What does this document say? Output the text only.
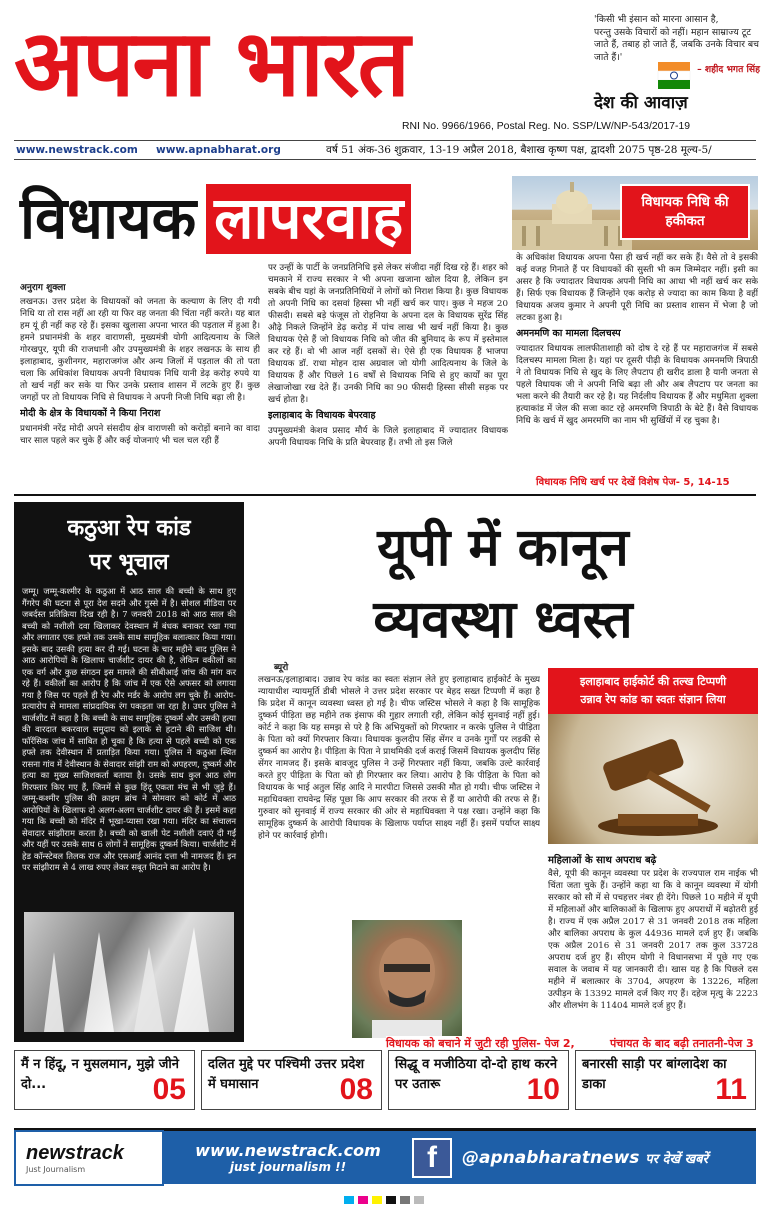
अपना भारत	'किसी भी इंसान को मारना आसान है,
परन्तु उसके विचारों को नहीं। महान साम्राज्य टूट जाते हैं, तबाह हो जाते हैं, जबकि उनके विचार बच जाते हैं।'
– शहीद भगत सिंह
देश की आवाज़
RNI No. 9966/1966, Postal Reg. No. SSP/LW/NP-543/2017-19
www.newstrack.com	www.apnabharat.org	वर्ष 51 अंक-36 शुक्रवार, 13-19 अप्रैल 2018, बैशाख कृष्ण पक्ष, द्वादशी 2075 पृष्ठ-28 मूल्य-5/
विधायक लापरवाह	विधायक निधि की हकीकत
अनुराग शुक्ला

लखनऊ। उत्तर प्रदेश के विधायकों को जनता के कल्याण के लिए दी गयी निधि या तो रास नहीं आ रही या फिर वह जनता की चिंता नहीं करते। यह बात हम यूं ही नहीं कह रहे हैं। इसका खुलासा अपना भारत की पड़ताल में हुआ है। हमने प्रधानमंत्री के शहर वाराणसी, मुख्यमंत्री योगी आदित्यनाथ के जिले गोरखपुर, यूपी की राजधानी और उपमुख्यमंत्री के शहर लखनऊ के साथ ही इलाहाबाद, कुशीनगर, महाराजगंज और अन्य जिलों में पड़ताल की तो पता चला कि अधिकांश विधायक अपनी विधायक निधि यानी डेढ़ करोड़ रुपये या तो खर्च नहीं कर सके या फिर उनके प्रस्ताव शासन में लटके हुए हैं। कुछ जगहों पर तो विधायक निधि से विधायक ने अपनी निजी निधि बढ़ा ली है।

मोदी के क्षेत्र के विधायकों ने किया निराश

प्रधानमंत्री नरेंद्र मोदी अपने संसदीय क्षेत्र वाराणसी को करोड़ों बनाने का वादा चार साल पहले कर चुके हैं और कई योजनाएं भी चल चल रही हैं

पर उन्हीं के पार्टी के जनप्रतिनिधि इसे लेकर संजीदा नहीं दिख रहे हैं। शहर को चमकाने में राज्य सरकार ने भी अपना खजाना खोल दिया है, लेकिन इन सबके बीच यहां के जनप्रतिनिधियों ने लोगों को निराश किया है। कुछ विधायक तो अपनी निधि का दसवां हिस्सा भी नहीं खर्च कर पाए। कुछ ने महज 20 फीसदी। सबसे बड़े फंजूस तो रोहनिया के अपना दल के विधायक सुरेंद्र सिंह औढ़े निकले जिन्होंने डेढ़ करोड़ में पांच लाख भी खर्च नहीं किया है। कुछ विधायक ऐसे हैं जो विधायक निधि को जीत की बुनियाद के रूप में इस्तेमाल कर रहे हैं। वो भी आज नहीं दसकों से। ऐसे ही एक विधायक हैं भाजपा विधायक डॉ. राधा मोहन दास अग्रवाल जो योगी आदित्यनाथ के जिले के विधायक हैं और पिछले 16 वर्षों से विधायक निधि से हुए कार्यों का पूरा लेखाजोखा रख देते हैं। उनकी निधि का 90 फीसदी हिस्सा सीसी सड़क पर खर्च होता है।

इलाहाबाद के विधायक बेपरवाह

उपमुख्यमंत्री केशव प्रसाद मौर्य के जिले इलाहाबाद में ज्यादातर विधायक अपनी विधायक निधि के प्रति बेपरवाह हैं। तभी तो इस जिले

के अधिकांश विधायक अपना पैसा ही खर्च नहीं कर सके हैं। वैसे तो वे इसकी कई वजह गिनाते हैं पर विधायकों की सुस्ती भी कम जिम्मेदार नहीं। इसी का असर है कि ज्यादातर विधायक अपनी निधि का आधा भी नहीं खर्च कर सके हैं। सिर्फ एक विधायक हैं जिन्होंने एक करोड़ से ज्यादा का काम किया है वहीं विधायक अजय कुमार ने अपनी पूरी निधि का प्रस्ताव शासन में भेजा है जो लटका हुआ है।

अमनमणि का मामला दिलचस्प

ज्यादातर विधायक लालफीताशाही को दोष दे रहे हैं पर महाराजगंज में सबसे दिलचस्प मामला मिला है। यहां पर दूसरी पीढ़ी के विधायक अमनमणि त्रिपाठी ने तो विधायक निधि से खुद के लिए लैपटाप ही खरीद डाला है यानी जनता से पहले विधायक जी ने अपनी निधि बढ़ा ली और अब लैपटाप पर जनता का भला करने की तैयारी कर रहे है। यह निर्दलीय विधायक हैं और मधुमिता शुक्ला हत्याकांड में जेल की सजा काट रहे अमरमणि त्रिपाठी के बेटे हैं। वैसे विधायक निधि के खर्च में खुद अमरमणि का नाम भी सुर्खियों में रह चुका है।

विधायक निधि खर्च पर देखें विशेष पेज- 5, 14-15
कठुआ रेप कांड
पर भूचाल
जम्मू। जम्मू-कश्मीर के कठुआ में आठ साल की बच्ची के साथ हुए गैंगरेप की घटना से पूरा देश सदमे और गुस्से में है। सोशल मीडिया पर जबर्दस्त प्रतिक्रिया दिख रही है। 7 जनवरी 2018 को आठ साल की बच्ची को नशीली दवा खिलाकर देवस्थान में बंधक बनाकर रखा गया और लगातार एक हफ्ते तक उसके साथ सामूहिक बलात्कार किया गया। इसके बाद उसकी हत्या कर दी गई। घटना के चार महीने बाद पुलिस ने आठ आरोपियों के खिलाफ चार्जशीट दायर की है, लेकिन वकीलों का एक वर्ग और कुछ संगठन इस मामले की सीबीआई जांच की मांग कर रहे हैं। वकीलों का आरोप है कि जांच में एक ऐसे अफसर को लगाया गया है जिस पर पहले ही रेप और मर्डर के आरोप लग चुके हैं। आरोप-प्रत्यारोप से मामला सांप्रदायिक रंग पकड़ता जा रहा है। उधर पुलिस ने चार्जशीट में कहा है कि बच्ची के साथ सामूहिक दुष्कर्म और उसकी हत्या की वारदात बकरवाल समुदाय को इलाके से हटाने की साजिश थी। फॉरेंसिक जांच में साबित हो चुका है कि हत्या से पहले बच्ची को एक हफ्ते तक देवीस्थान में प्रताड़ित किया गया। पुलिस ने कठुआ स्थित रासना गांव में देवीस्थान के सेवादार सांझी राम को अपहरण, दुष्कर्म और हत्या का मुख्य साजिशकर्ता बताया है। उसके साथ कुल आठ लोग गिरफ्तार किए गए हैं, जिनमें से कुछ हिंदू एकता मंच से भी जुड़े हैं। जम्मू-कश्मीर पुलिस की क्राइम ब्रांच ने सोमवार को कोर्ट में आठ आरोपियों के खिलाफ दो अलग-अलग चार्जशीट दायर की हैं। इसमें कहा गया कि बच्ची को मंदिर में भूखा-प्यासा रखा गया। मंदिर का संचालन सेवादार सांझीराम करता है। बच्ची को खाली पेट नशीली दवाएं दी गईं और यहीं पर उसके साथ 6 लोगों ने सामूहिक दुष्कर्म किया। चार्जशीट में हेड कॉन्स्टेबल तिलक राज और एसआई आनंद दत्ता भी नामजद हैं। इन पर सांझीराम से 4 लाख रुपए लेकर सबूत मिटाने का आरोप है।
यूपी में कानून
व्यवस्था ध्वस्त
ब्यूरो

लखनऊ/इलाहाबाद। उन्नाव रेप कांड का स्वतः संज्ञान लेते हुए इलाहाबाद हाईकोर्ट के मुख्य न्यायाधीश न्यायमूर्ति डीबी भोसले ने उत्तर प्रदेश सरकार पर बेहद सख्त टिप्पणी में कहा है कि प्रदेश में कानून व्यवस्था ध्वस्त हो गई है। चीफ जस्टिस भोसले ने कहा है कि सामूहिक दुष्कर्म पीड़िता छह महीने तक इंसाफ की गुहार लगाती रही, लेकिन कोई सुनवाई नहीं हुई। कोर्ट ने कहा कि यह समझ से परे है कि अभियुक्तों को गिरफ्तार न करके पुलिस ने पीड़िता के पिता को क्यों गिरफ्तार किया। विधायक कुलदीप सिंह सेंगर व उनके गुर्गों पर लड़की से दुष्कर्म का आरोप है। पीड़िता के पिता ने प्राथमिकी दर्ज कराई जिसमें विधायक कुलदीप सिंह सेंगर नामजद हैं। इसके बावजूद पुलिस ने उन्हें गिरफ्तार नहीं किया, जबकि उल्टे कार्रवाई करते हुए पीड़िता के पिता को ही गिरफ्तार कर लिया। आरोप है कि पीड़िता के पिता को विधायक के भाई अतुल सिंह आदि ने मारपीटा जिससे उसकी मौत हो गयी। चीफ जस्टिस ने महाधिवक्ता राघवेन्द्र सिंह पूछा कि आप सरकार की तरफ से हैं या आरोपी की तरफ से हैं। गुरुवार को सुनवाई में राज्य सरकार की ओर से महाधिवक्ता ने पक्ष रखा। उन्होंने कहा कि सामूहिक दुष्कर्म के आरोपी विधायक के खिलाफ पर्याप्त साक्ष्य नहीं हैं। इसमें पर्याप्त साक्ष्य होने पर कार्रवाई होगी।

इलाहाबाद हाईकोर्ट की तल्ख टिप्पणी
उन्नाव रेप कांड का स्वतः संज्ञान लिया
महिलाओं के साथ अपराध बढ़े

वैसे, यूपी की कानून व्यवस्था पर प्रदेश के राज्यपाल राम नाईक भी चिंता जता चुके हैं। उन्होंने कहा था कि वे कानून व्यवस्था में योगी सरकार को सौ में से पचहत्तर नंबर ही देंगे। पिछले 10 महीने में यूपी में महिलाओं और बालिकाओं के खिलाफ हुए अपराधों में बढ़ोतरी हुई है। राज्य में एक अप्रैल 2017 से 31 जनवरी 2018 तक महिला और बालिका अपराध के कुल 44936 मामले दर्ज हुए हैं। जबकि एक अप्रैल 2016 से 31 जनवरी 2017 तक कुल 33728 अपराध दर्ज हुए हैं। सीएम योगी ने विधानसभा में पूछे गए एक सवाल के जवाब में यह जानकारी दी। खास यह है कि पिछले दस महीने में बलात्कार के 3704, अपहरण के 13226, महिला उत्पीड़न के 13392 मामले दर्ज किए गए हैं। दहेज मृत्यु के 2223 और शीलभंग के 11404 मामले दर्ज हुए हैं।

विधायक को बचाने में जुटी रही पुलिस- पेज 2,	पंचायत के बाद बढ़ी तनातनी-पेज 3
मैं न हिंदू, न मुसलमान, मुझे जीने दो...	05
दलित मुद्दे पर पश्चिमी उत्तर प्रदेश में घमासान	08
सिद्धू व मजीठिया दो-दो हाथ करने पर उतारू	10
बनारसी साड़ी पर बांग्लादेश का डाका	11
newstrack
Just Journalism
www.newstrack.com
just journalism !!	f	@apnabharatnews पर देखें खबरें
